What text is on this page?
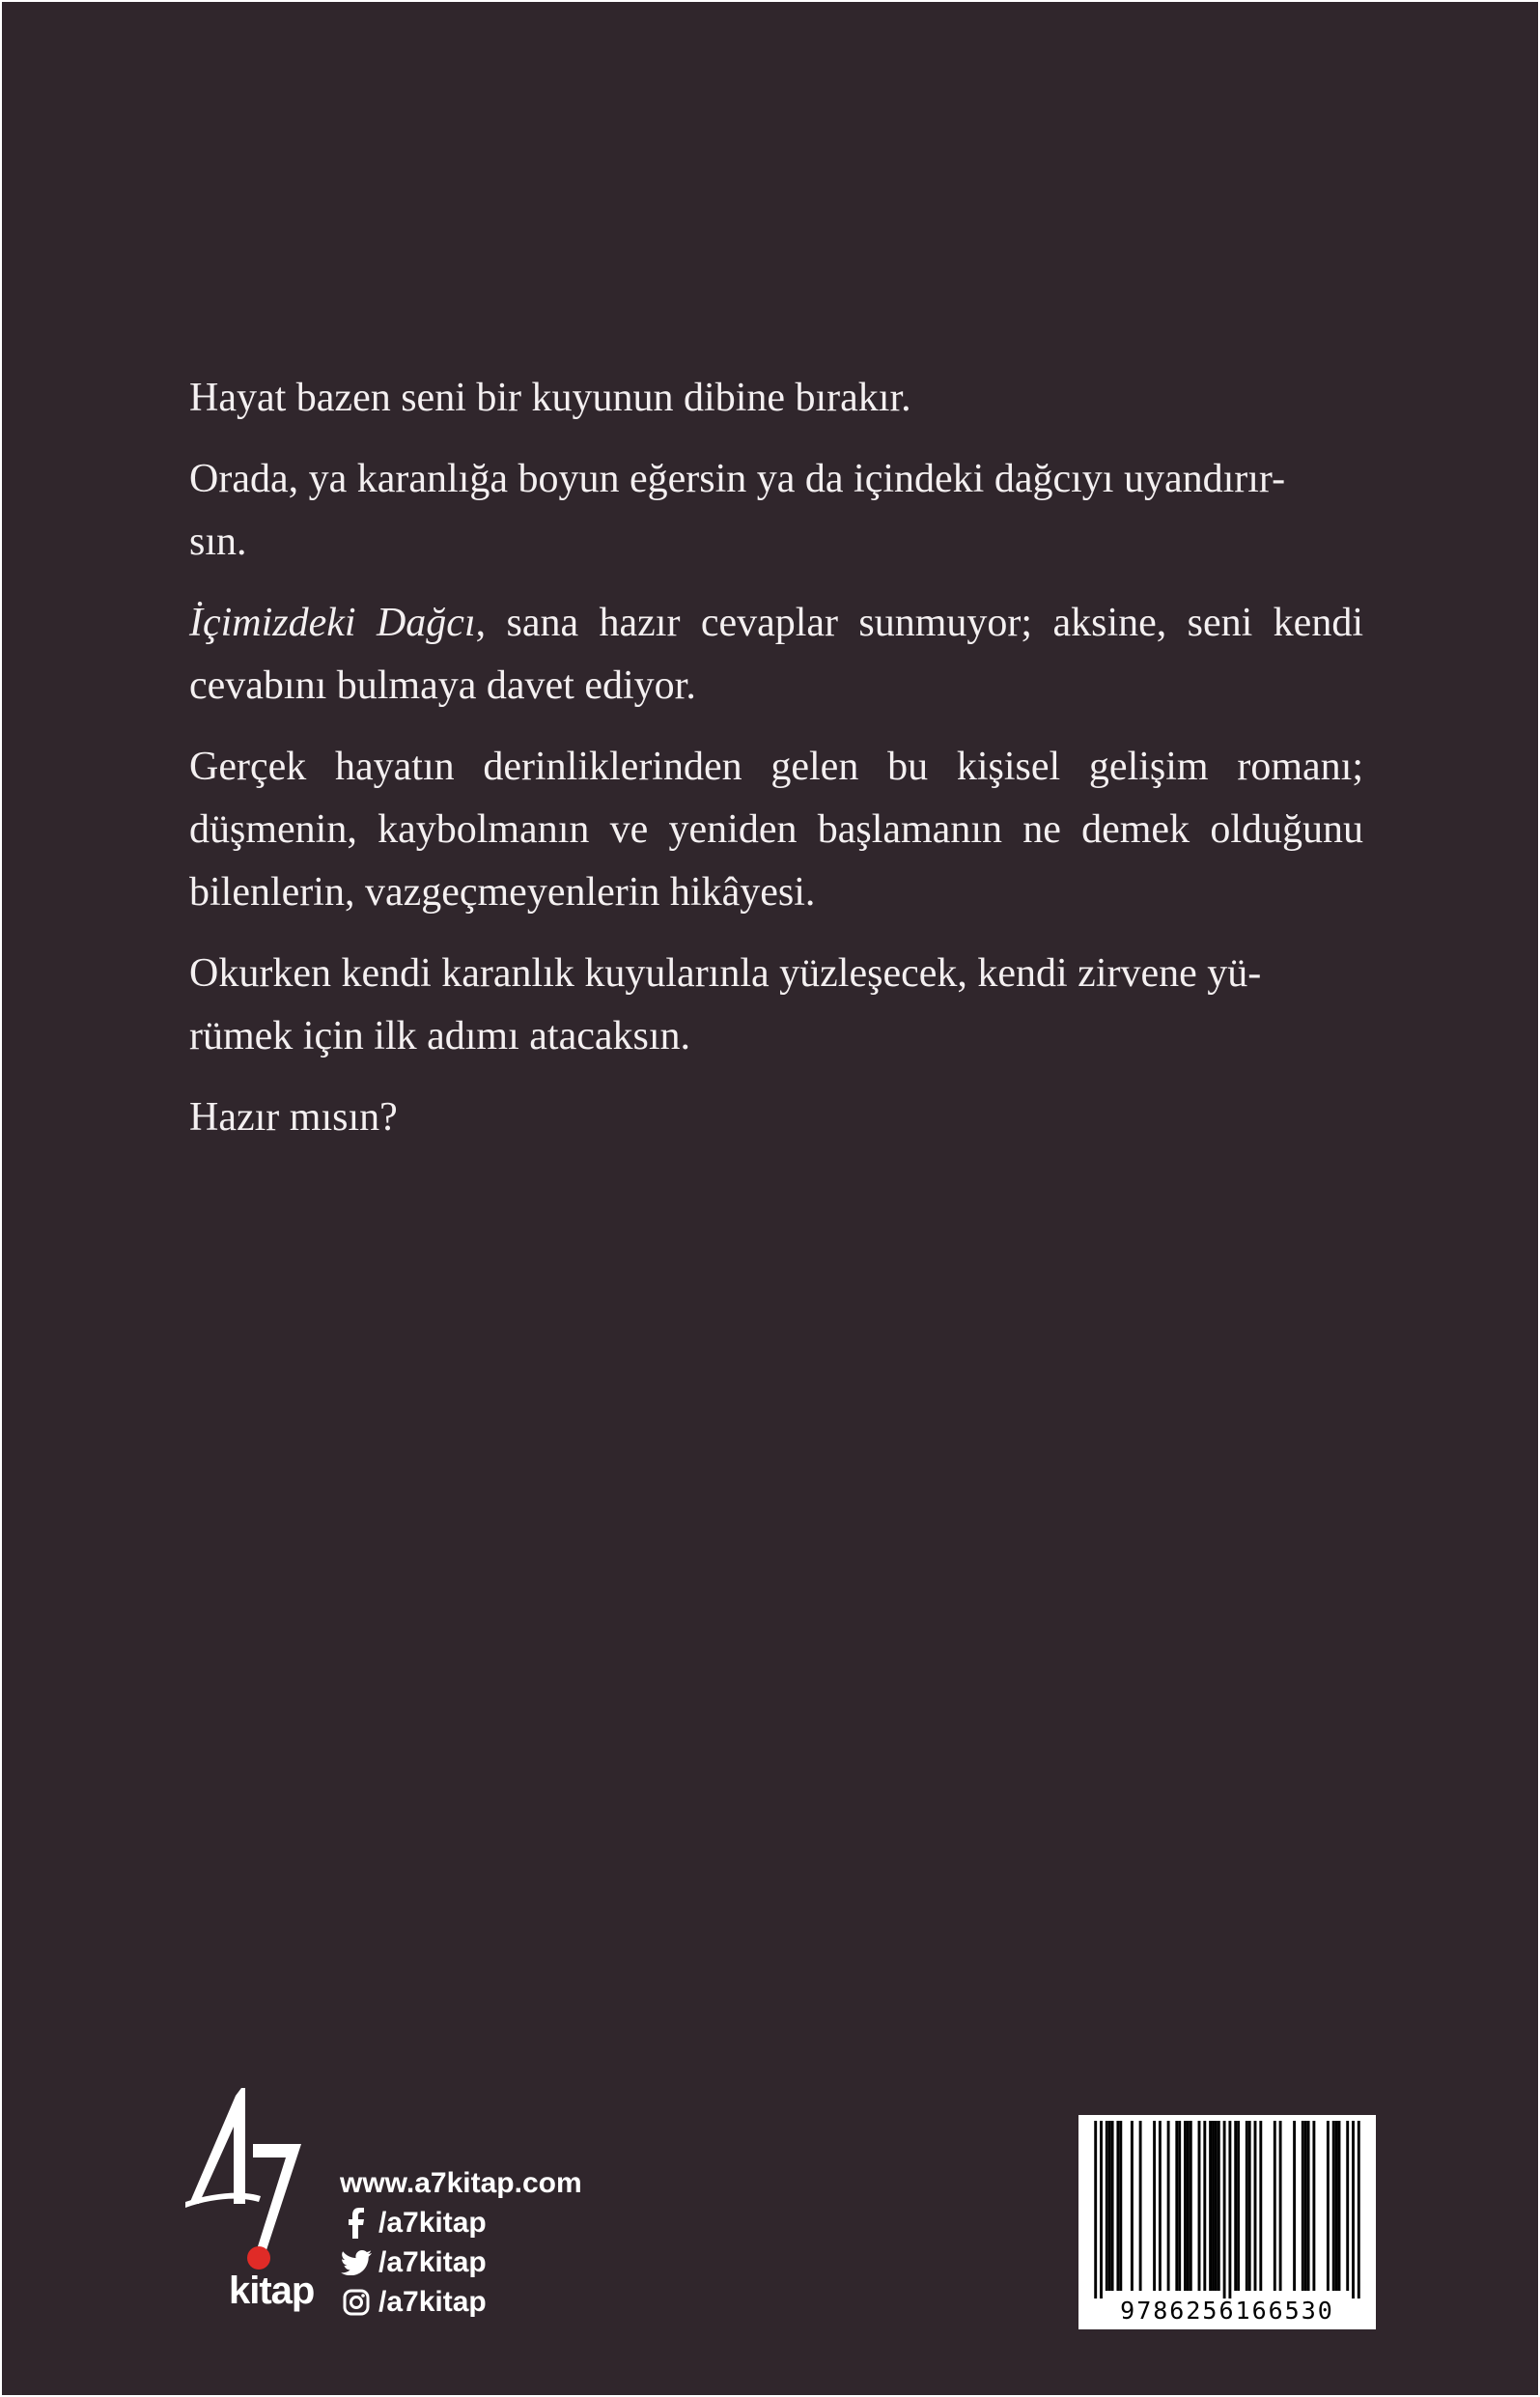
Hayat bazen seni bir kuyunun dibine bırakır.

Orada, ya karanlığa boyun eğersin ya da içindeki dağcıyı uyandırır-
sın.

İçimizdeki Dağcı, sana hazır cevaplar sunmuyor; aksine, seni kendi cevabını bulmaya davet ediyor.

Gerçek hayatın derinliklerinden gelen bu kişisel gelişim romanı; düşmenin, kaybolmanın ve yeniden başlamanın ne demek olduğunu bilenlerin, vazgeçmeyenlerin hikâyesi.

Okurken kendi karanlık kuyularınla yüzleşecek, kendi zirvene yü-
rümek için ilk adımı atacaksın.

Hazır mısın?

kitap
www.a7kitap.com
/a7kitap
/a7kitap
/a7kitap	9786256166530
